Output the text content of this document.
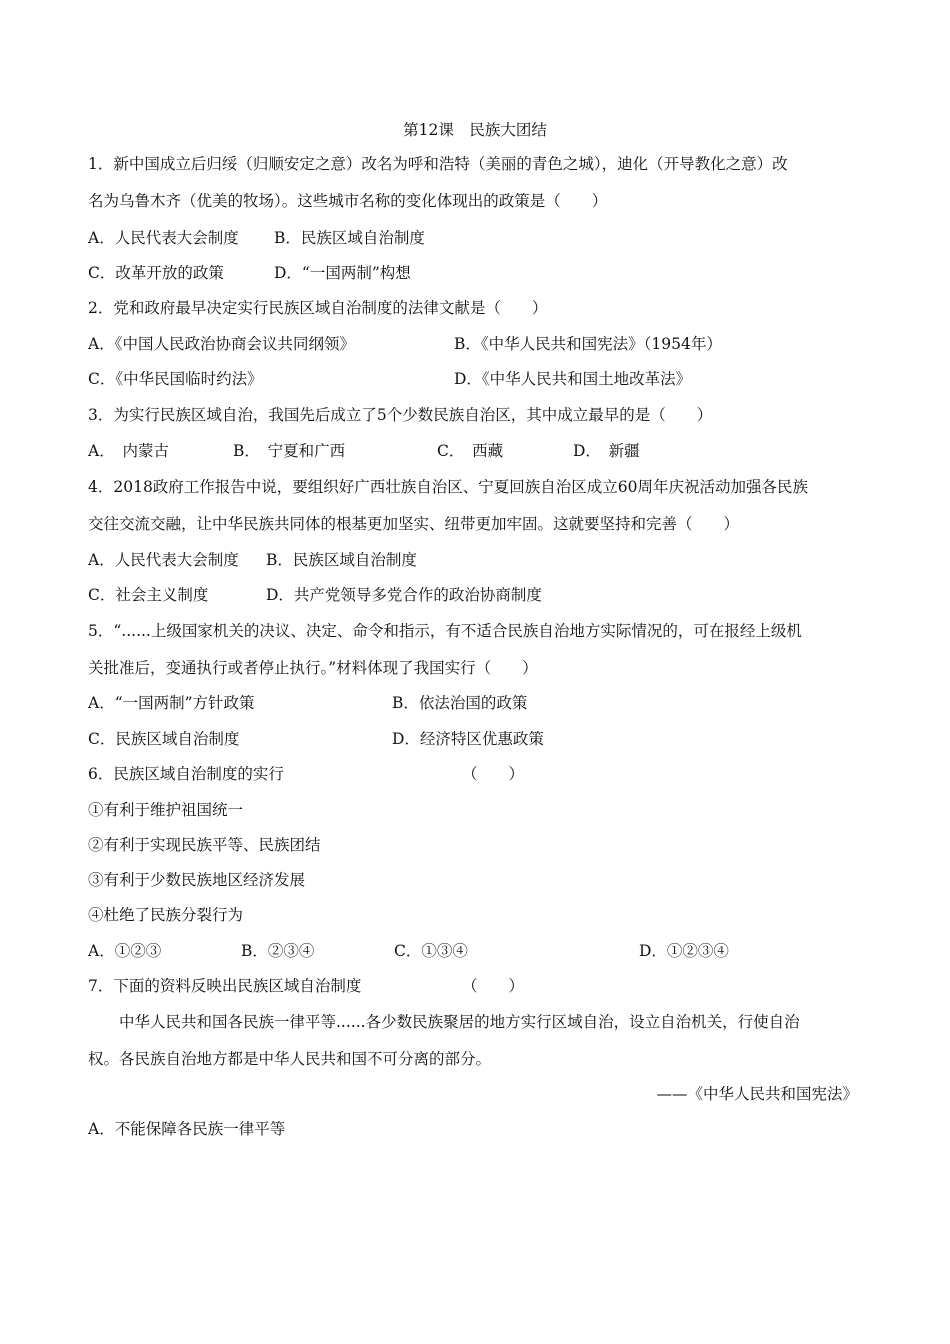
第12课　民族大团结
1．新中国成立后归绥（归顺安定之意）改名为呼和浩特（美丽的青色之城），迪化（开导教化之意）改
名为乌鲁木齐（优美的牧场）。这些城市名称的变化体现出的政策是（　　）
A．人民代表大会制度 B．民族区域自治制度
C．改革开放的政策	D．“一国两制”构想
2．党和政府最早决定实行民族区域自治制度的法律文献是（　　）
A．《中国人民政治协商会议共同纲领》	B．《中华人民共和国宪法》（1954年）
C．《中华民国临时约法》	D．《中华人民共和国土地改革法》
3．为实行民族区域自治，我国先后成立了5个少数民族自治区，其中成立最早的是（　　）
A．　内蒙古	B．　宁夏和广西	C．　西藏	D．　新疆
4．2018政府工作报告中说，要组织好广西壮族自治区、宁夏回族自治区成立60周年庆祝活动加强各民族
交往交流交融，让中华民族共同体的根基更加坚实、纽带更加牢固。这就要坚持和完善（　　）
A．人民代表大会制度 B．民族区域自治制度
C．社会主义制度	D．共产党领导多党合作的政治协商制度
5．“......上级国家机关的决议、决定、命令和指示，有不适合民族自治地方实际情况的，可在报经上级机
关批准后，变通执行或者停止执行。”材料体现了我国实行（　　）
A．“一国两制”方针政策	B．依法治国的政策
C．民族区域自治制度	D．经济特区优惠政策
6．民族区域自治制度的实行	（　　）
①有利于维护祖国统一
②有利于实现民族平等、民族团结
③有利于少数民族地区经济发展
④杜绝了民族分裂行为
A．①②③	B．②③④	C．①③④	D．①②③④
7．下面的资料反映出民族区域自治制度	（　　）
中华人民共和国各民族一律平等......各少数民族聚居的地方实行区域自治，设立自治机关，行使自治
权。各民族自治地方都是中华人民共和国不可分离的部分。
——《中华人民共和国宪法》
A．不能保障各民族一律平等
